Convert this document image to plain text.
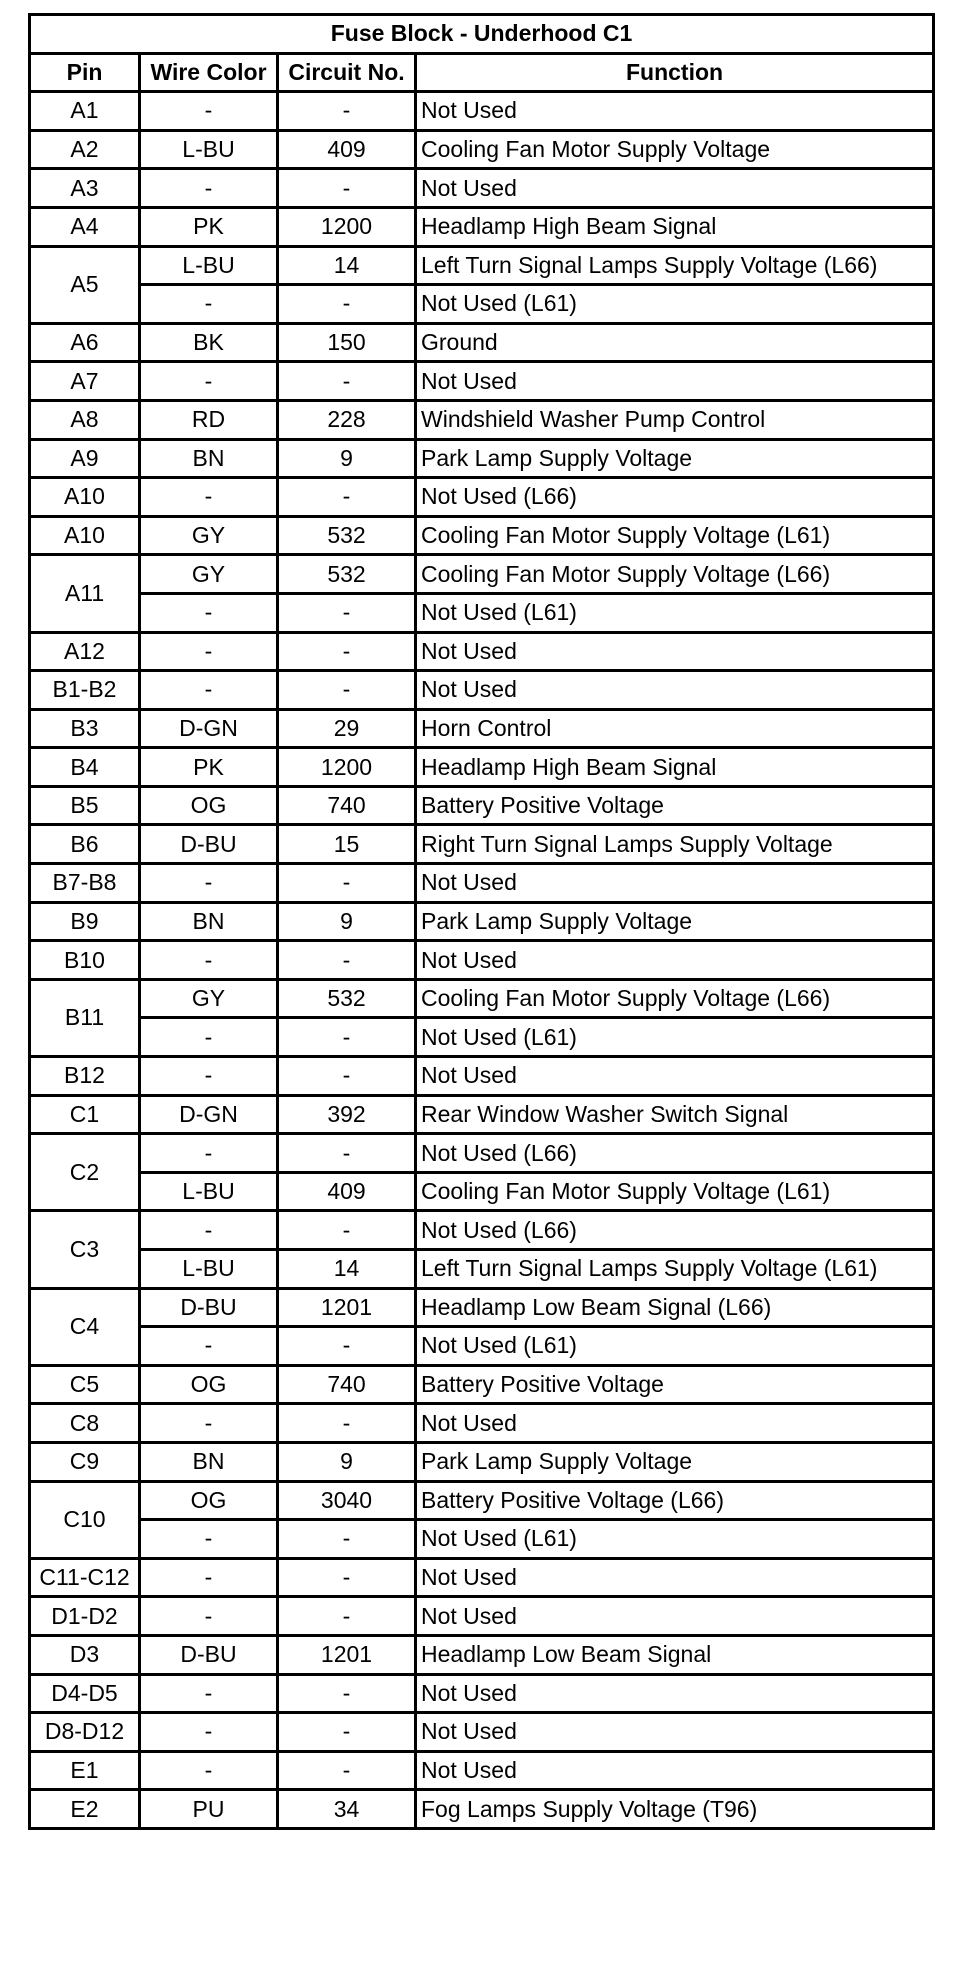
Fuse Block - Underhood C1			
Pin	Wire Color	Circuit No.	Function
A1	-	-	Not Used
A2	L-BU	409	Cooling Fan Motor Supply Voltage
A3	-	-	Not Used
A4	PK	1200	Headlamp High Beam Signal
A5	L-BU	14	Left Turn Signal Lamps Supply Voltage (L66)
	-	-	Not Used (L61)
A6	BK	150	Ground
A7	-	-	Not Used
A8	RD	228	Windshield Washer Pump Control
A9	BN	9	Park Lamp Supply Voltage
A10	-	-	Not Used (L66)
A10	GY	532	Cooling Fan Motor Supply Voltage (L61)
A11	GY	532	Cooling Fan Motor Supply Voltage (L66)
	-	-	Not Used (L61)
A12	-	-	Not Used
B1-B2	-	-	Not Used
B3	D-GN	29	Horn Control
B4	PK	1200	Headlamp High Beam Signal
B5	OG	740	Battery Positive Voltage
B6	D-BU	15	Right Turn Signal Lamps Supply Voltage
B7-B8	-	-	Not Used
B9	BN	9	Park Lamp Supply Voltage
B10	-	-	Not Used
B11	GY	532	Cooling Fan Motor Supply Voltage (L66)
	-	-	Not Used (L61)
B12	-	-	Not Used
C1	D-GN	392	Rear Window Washer Switch Signal
C2	-	-	Not Used (L66)
	L-BU	409	Cooling Fan Motor Supply Voltage (L61)
C3	-	-	Not Used (L66)
	L-BU	14	Left Turn Signal Lamps Supply Voltage (L61)
C4	D-BU	1201	Headlamp Low Beam Signal (L66)
	-	-	Not Used (L61)
C5	OG	740	Battery Positive Voltage
C8	-	-	Not Used
C9	BN	9	Park Lamp Supply Voltage
C10	OG	3040	Battery Positive Voltage (L66)
	-	-	Not Used (L61)
C11-C12	-	-	Not Used
D1-D2	-	-	Not Used
D3	D-BU	1201	Headlamp Low Beam Signal
D4-D5	-	-	Not Used
D8-D12	-	-	Not Used
E1	-	-	Not Used
E2	PU	34	Fog Lamps Supply Voltage (T96)
